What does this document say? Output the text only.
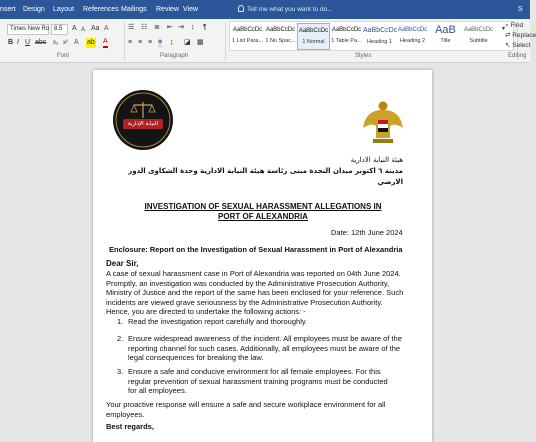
nsert Design Layout References Mailings Review View	Tell me what you want to do...	S
Times New Ro 8.5	A A Aa A
B I U abc x₂ x² A ab A
Font
☰ ☷ ≣ ⇤ ⇥ ↕ ¶
≡ ≡ ≡ ≡ ↨ ◪ ▦
Paragraph
AaBbCcDc
1 List Para...
AaBbCcDc
1 No Spac...
AaBbCcDc
1 Normal
AaBbCcDc
1 Table Pa...
AaBbCcDc
Heading 1
AaBbCcDc
Heading 2
AaB
Title
AaBbCcDc
Subtitle
▾
Styles
⌕ Find
⇄ Replace
↖ Select
Editing
النيابة الإدارية
هيئة النيابة الادارية
مدينة ٦ اكتوبر ميدان النجدة مبنى رئاسة هيئة النيابة الادارية وحدة الشكاوى الدور
الارضي
INVESTIGATION OF SEXUAL HARASSMENT ALLEGATIONS IN
PORT OF ALEXANDRIA
Date: 12th June 2024
Enclosure: Report on the Investigation of Sexual Harassment in Port of Alexandria
Dear Sir,
A case of sexual harassment case in Port of Alexandria was reported on 04th June 2024.
Promptly, an investigation was conducted by the Administrative Prosecution Authority,
Ministry of Justice and the report of the same has been enclosed for your reference. Such
incidents are viewed grave seriousness by the Administrative Prosecution Authority.
Hence, you are directed to undertake the following actions: -
1. Read the investigation report carefully and thoroughly.
2. Ensure widespread awareness of the incident. All employees must be aware of the
reporting channel for such cases. Additionally, all employees must be aware of the
legal consequences for breaking the law.
3. Ensure a safe and conducive environment for all female employees. For this
regular prevention of sexual harassment training programs must be conducted
for all employees.
Your proactive response will ensure a safe and secure workplace environment for all
employees.
Best regards,
